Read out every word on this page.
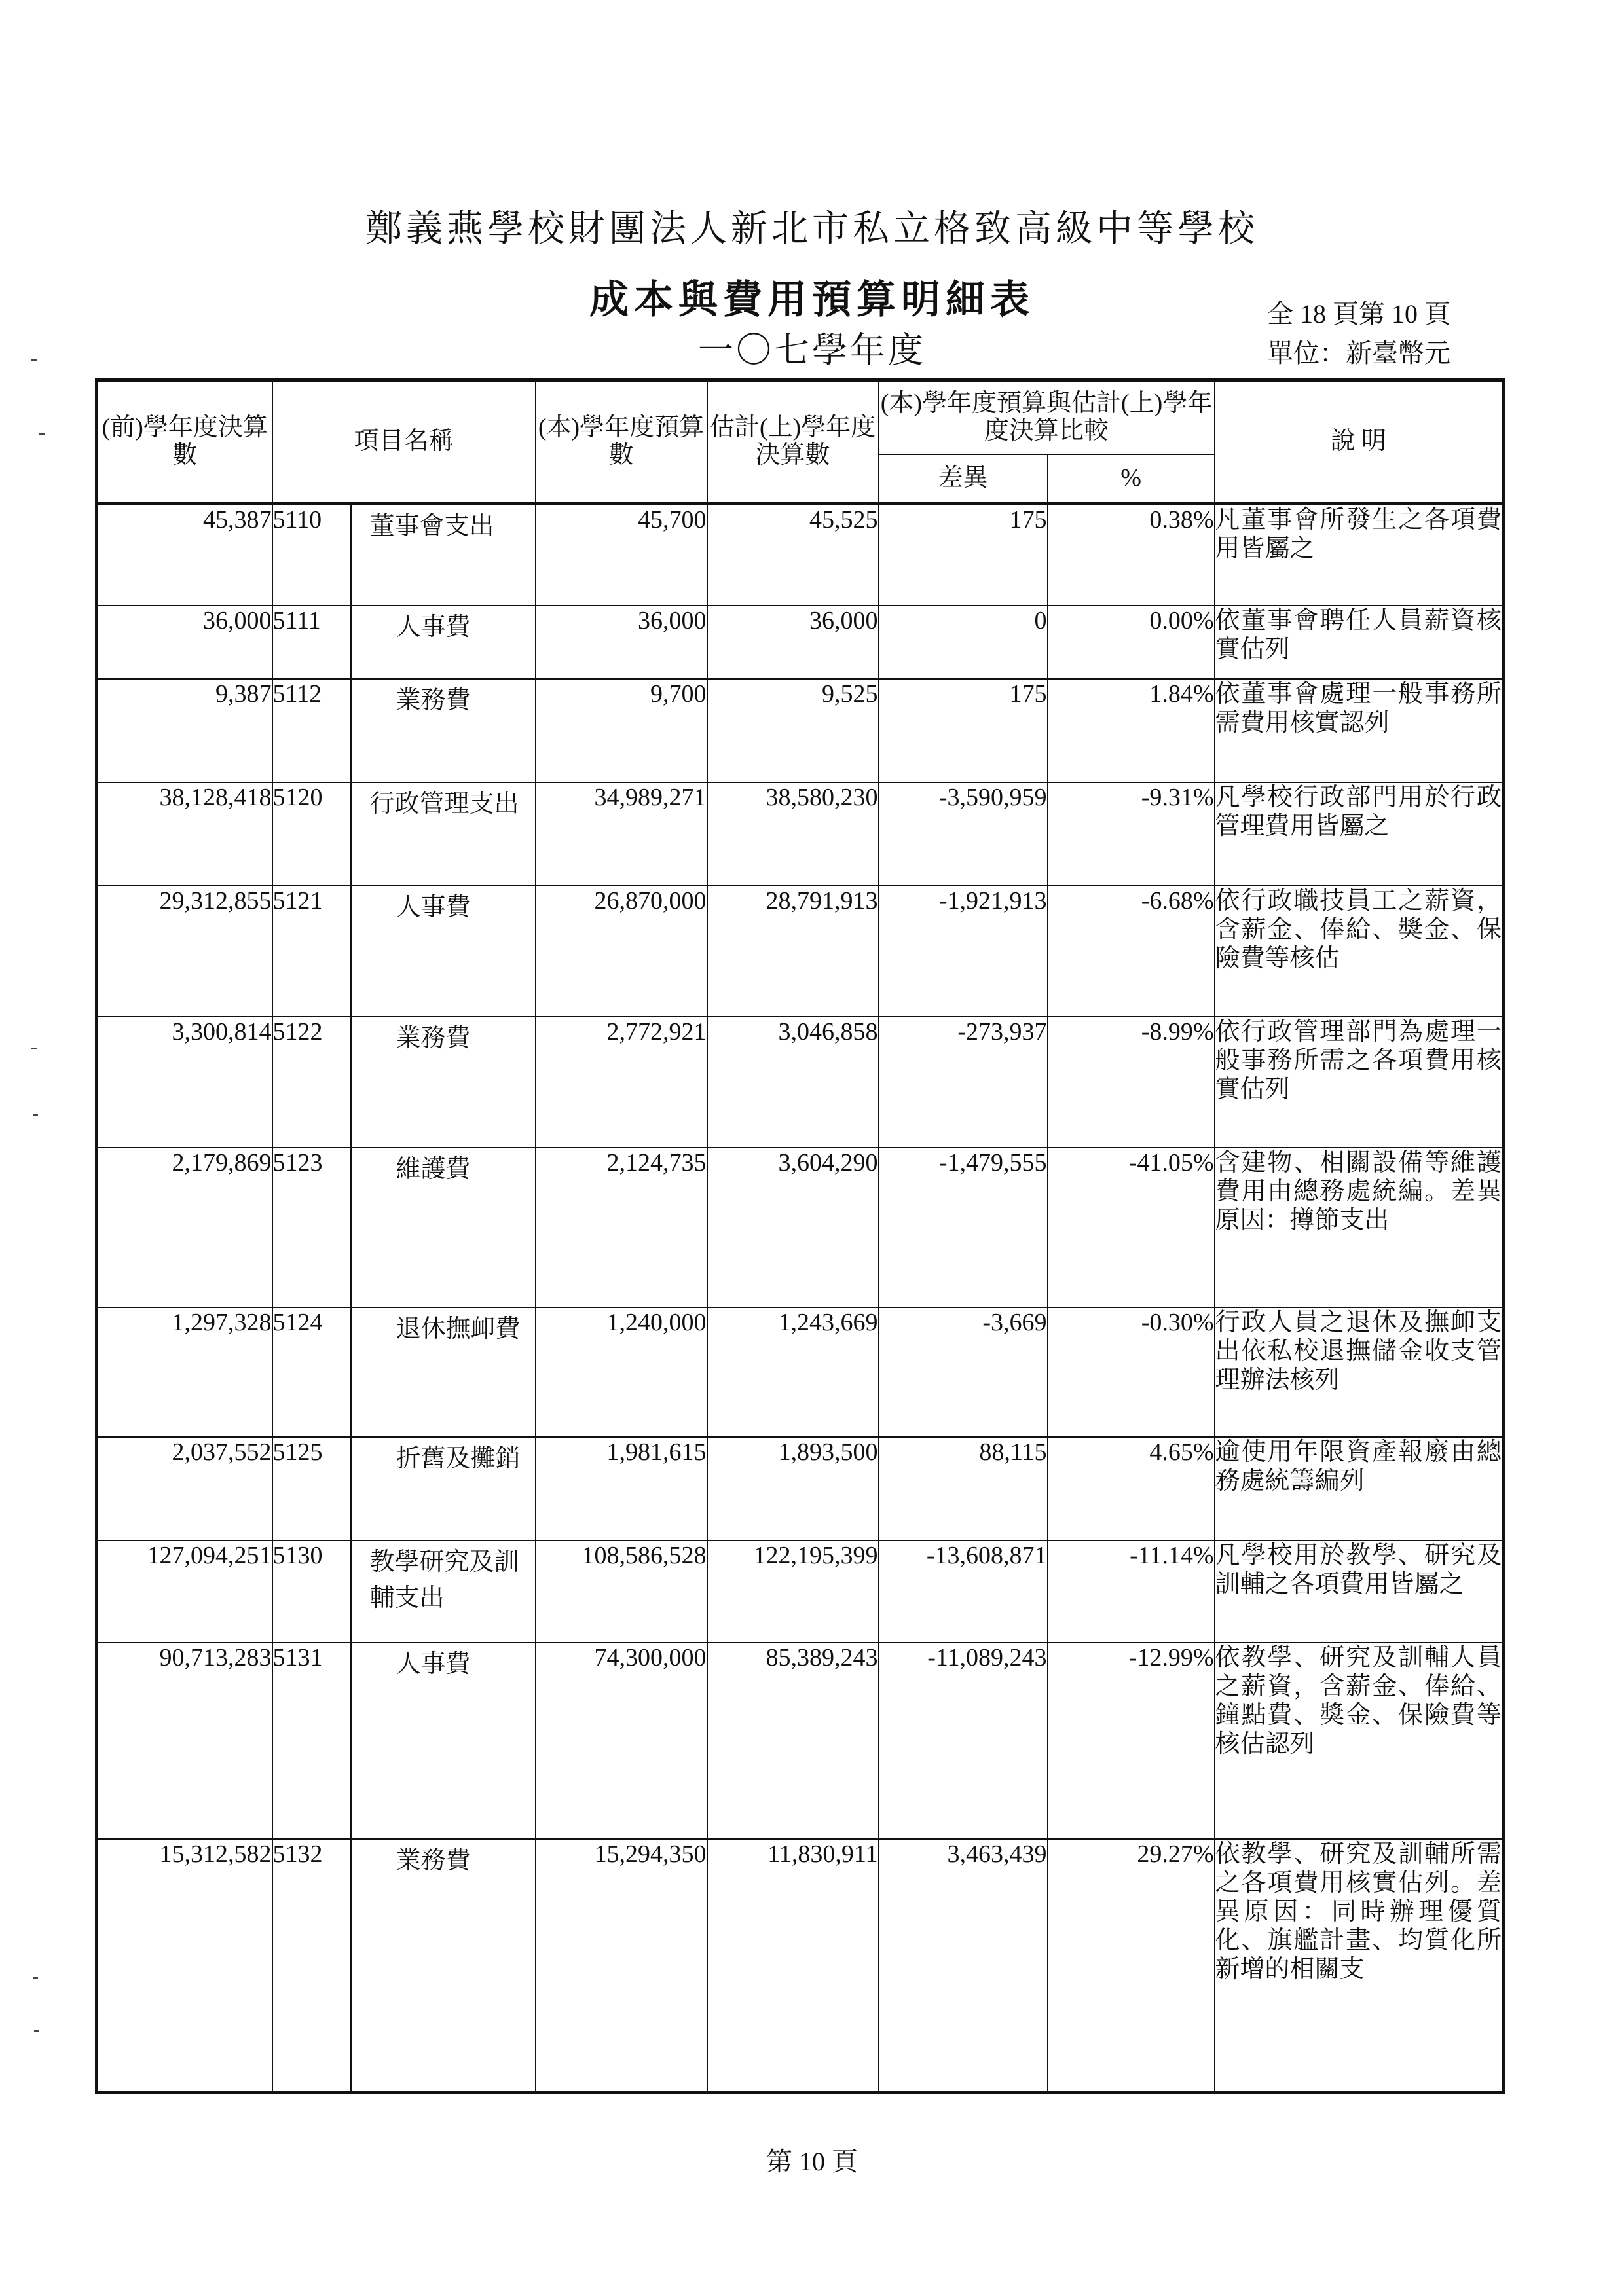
鄭義燕學校財團法人新北市私立格致高級中等學校
成本與費用預算明細表
一〇七學年度
全 18 頁第 10 頁
單位：新臺幣元
(前)學年度決算數	項目名稱		(本)學年度預算數	估計(上)學年度決算數	(本)學年度預算與估計(上)學年度決算比較		說 明
					差異	%	
45,387	5110	董事會支出	45,700	45,525	175	0.38%	凡董事會所發生之各項費用皆屬之
36,000	5111	人事費	36,000	36,000	0	0.00%	依董事會聘任人員薪資核實估列
9,387	5112	業務費	9,700	9,525	175	1.84%	依董事會處理一般事務所需費用核實認列
38,128,418	5120	行政管理支出	34,989,271	38,580,230	-3,590,959	-9.31%	凡學校行政部門用於行政管理費用皆屬之
29,312,855	5121	人事費	26,870,000	28,791,913	-1,921,913	-6.68%	依行政職技員工之薪資，含薪金、俸給、獎金、保險費等核估
3,300,814	5122	業務費	2,772,921	3,046,858	-273,937	-8.99%	依行政管理部門為處理一般事務所需之各項費用核實估列
2,179,869	5123	維護費	2,124,735	3,604,290	-1,479,555	-41.05%	含建物、相關設備等維護費用由總務處統編。差異原因：撙節支出
1,297,328	5124	退休撫卹費	1,240,000	1,243,669	-3,669	-0.30%	行政人員之退休及撫卹支出依私校退撫儲金收支管理辦法核列
2,037,552	5125	折舊及攤銷	1,981,615	1,893,500	88,115	4.65%	逾使用年限資產報廢由總務處統籌編列
127,094,251	5130	教學研究及訓輔支出	108,586,528	122,195,399	-13,608,871	-11.14%	凡學校用於教學、研究及訓輔之各項費用皆屬之
90,713,283	5131	人事費	74,300,000	85,389,243	-11,089,243	-12.99%	依教學、研究及訓輔人員之薪資，含薪金、俸給、鐘點費、獎金、保險費等核估認列
15,312,582	5132	業務費	15,294,350	11,830,911	3,463,439	29.27%	依教學、研究及訓輔所需之各項費用核實估列。差異原因：同時辦理優質化、旗艦計畫、均質化所新增的相關支
第 10 頁
